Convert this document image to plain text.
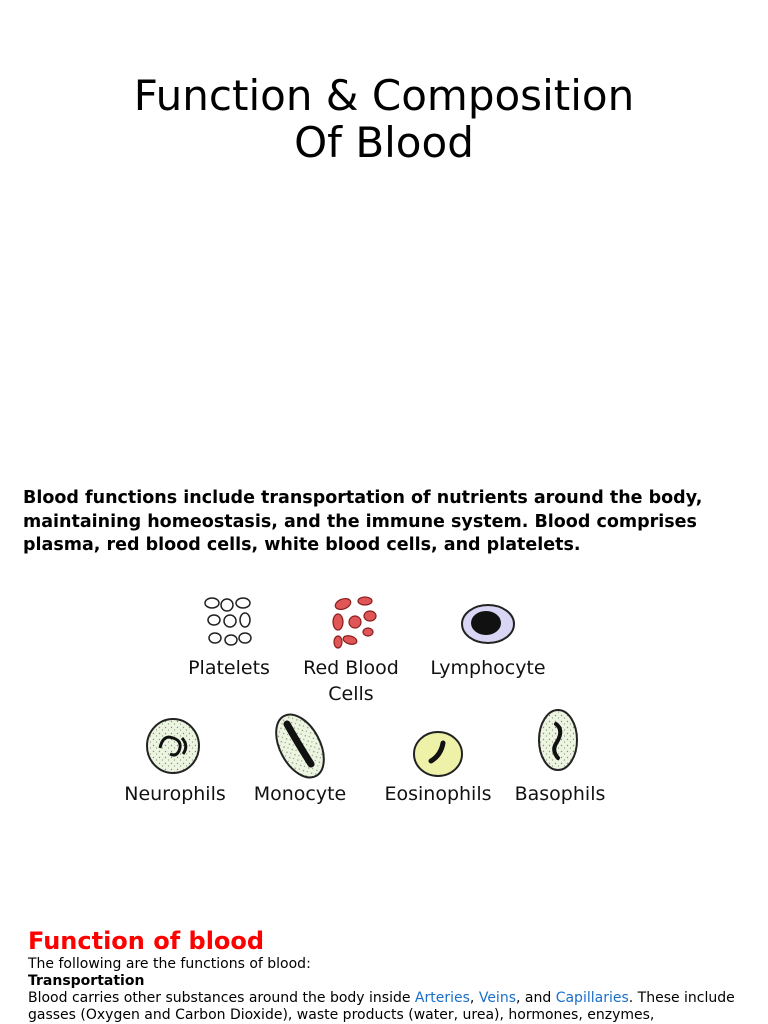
Function & Composition
Of Blood

Blood functions include transportation of nutrients around the body, maintaining homeostasis, and the immune system. Blood comprises plasma, red blood cells, white blood cells, and platelets.

Platelets Red Blood
Cells
Lymphocyte
Neurophils Monocyte Eosinophils Basophils
Function of blood

The following are the functions of blood:

Transportation

Blood carries other substances around the body inside Arteries, Veins, and Capillaries. These include gasses (Oxygen and Carbon Dioxide), waste products (water, urea), hormones, enzymes,
